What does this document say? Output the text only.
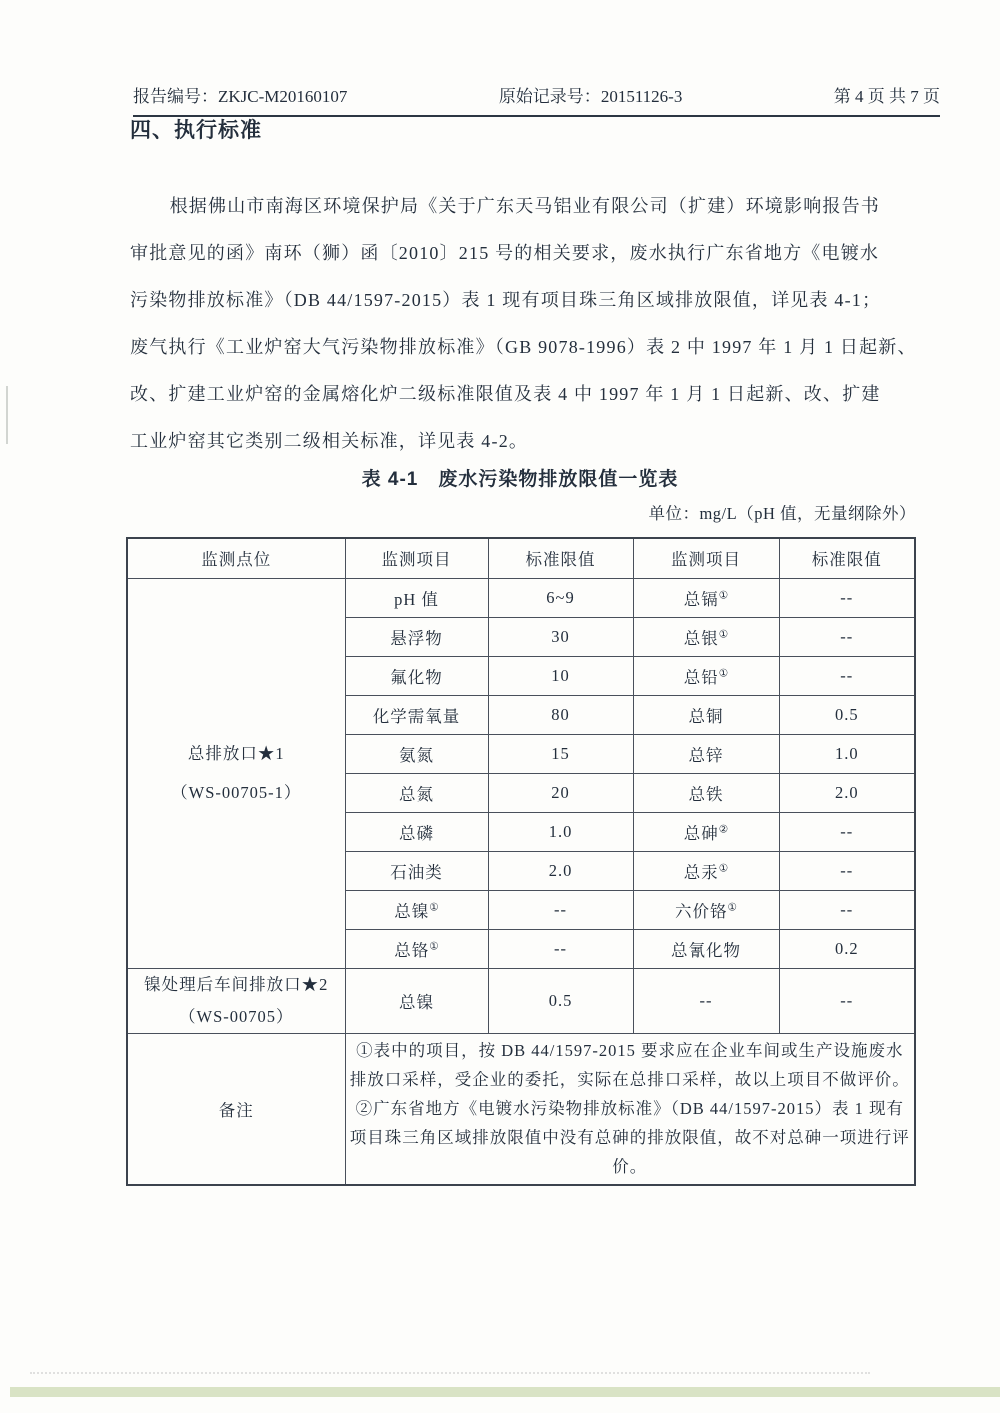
报告编号：ZKJC-M20160107	原始记录号：20151126-3	第 4 页 共 7 页
四、执行标准
根据佛山市南海区环境保护局《关于广东天马铝业有限公司（扩建）环境影响报告书
审批意见的函》南环（狮）函〔2010〕215 号的相关要求，废水执行广东省地方《电镀水
污染物排放标准》（DB 44/1597-2015）表 1 现有项目珠三角区域排放限值，详见表 4-1；
废气执行《工业炉窑大气污染物排放标准》（GB 9078-1996）表 2 中 1997 年 1 月 1 日起新、
改、扩建工业炉窑的金属熔化炉二级标准限值及表 4 中 1997 年 1 月 1 日起新、改、扩建
工业炉窑其它类别二级相关标准，详见表 4-2。
表 4-1　废水污染物排放限值一览表
单位：mg/L（pH 值，无量纲除外）
监测点位	监测项目	标准限值	监测项目	标准限值

总排放口★1
（WS-00705-1）	pH 值	6~9	总镉①	--
	悬浮物	30	总银①	--
	氟化物	10	总铅①	--
	化学需氧量	80	总铜	0.5
	氨氮	15	总锌	1.0
	总氮	20	总铁	2.0
	总磷	1.0	总砷②	--
	石油类	2.0	总汞①	--
	总镍①	--	六价铬①	--
	总铬①	--	总氰化物	0.2

镍处理后车间排放口★2
（WS-00705）	总镍	0.5	--	--
备注	①表中的项目，按 DB 44/1597-2015 要求应在企业车间或生产设施废水排放口采样，受企业的委托，实际在总排口采样，故以上项目不做评价。
②广东省地方《电镀水污染物排放标准》（DB 44/1597-2015）表 1 现有项目珠三角区域排放限值中没有总砷的排放限值，故不对总砷一项进行评价。			
